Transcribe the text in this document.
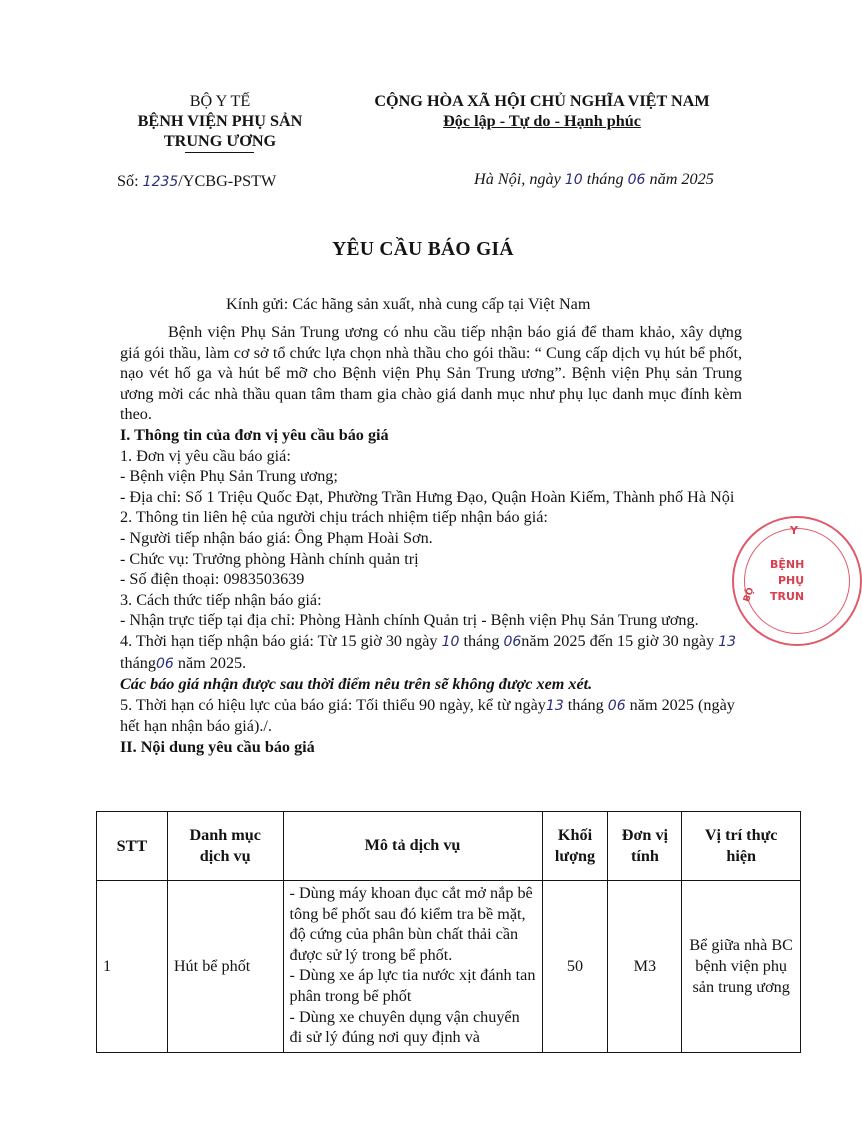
BỘ Y TẾ
BỆNH VIỆN PHỤ SẢN
TRUNG ƯƠNG
CỘNG HÒA XÃ HỘI CHỦ NGHĨA VIỆT NAM
Độc lập - Tự do - Hạnh phúc
Số: 1235/YCBG-PSTW	Hà Nội, ngày 10 tháng 06 năm 2025
YÊU CẦU BÁO GIÁ
Kính gửi: Các hãng sản xuất, nhà cung cấp tại Việt Nam

Bệnh viện Phụ Sản Trung ương có nhu cầu tiếp nhận báo giá để tham khảo, xây dựng giá gói thầu, làm cơ sở tổ chức lựa chọn nhà thầu cho gói thầu: “ Cung cấp dịch vụ hút bể phốt, nạo vét hố ga và hút bể mỡ cho Bệnh viện Phụ Sản Trung ương”. Bệnh viện Phụ sản Trung ương mời các nhà thầu quan tâm tham gia chào giá danh mục như phụ lục danh mục đính kèm theo.

I. Thông tin của đơn vị yêu cầu báo giá

1. Đơn vị yêu cầu báo giá:

- Bệnh viện Phụ Sản Trung ương;

- Địa chỉ: Số 1 Triệu Quốc Đạt, Phường Trần Hưng Đạo, Quận Hoàn Kiếm, Thành phố Hà Nội

2. Thông tin liên hệ của người chịu trách nhiệm tiếp nhận báo giá:

- Người tiếp nhận báo giá: Ông Phạm Hoài Sơn.

- Chức vụ: Trưởng phòng Hành chính quản trị

- Số điện thoại: 0983503639

3. Cách thức tiếp nhận báo giá:

- Nhận trực tiếp tại địa chỉ: Phòng Hành chính Quản trị - Bệnh viện Phụ Sản Trung ương.

4. Thời hạn tiếp nhận báo giá: Từ 15 giờ 30 ngày 10 tháng 06năm 2025 đến 15 giờ 30 ngày 13 tháng06 năm 2025.

Các báo giá nhận được sau thời điểm nêu trên sẽ không được xem xét.

5. Thời hạn có hiệu lực của báo giá: Tối thiểu 90 ngày, kể từ ngày13 tháng 06 năm 2025 (ngày hết hạn nhận báo giá)./.

II. Nội dung yêu cầu báo giá

Y
BỆNH
PHỤ
TRUN
BỘ
STT	Danh mục dịch vụ	Mô tả dịch vụ	Khối lượng	Đơn vị tính	Vị trí thực hiện
1	Hút bể phốt	- Dùng máy khoan đục cắt mở nắp bê tông bể phốt sau đó kiểm tra bề mặt, độ cứng của phân bùn chất thải cần được sử lý trong bể phốt.
- Dùng xe áp lực tia nước xịt đánh tan phân trong bể phốt
- Dùng xe chuyên dụng vận chuyển đi sử lý đúng nơi quy định và	50	M3	Bể giữa nhà BC bệnh viện phụ sản trung ương
